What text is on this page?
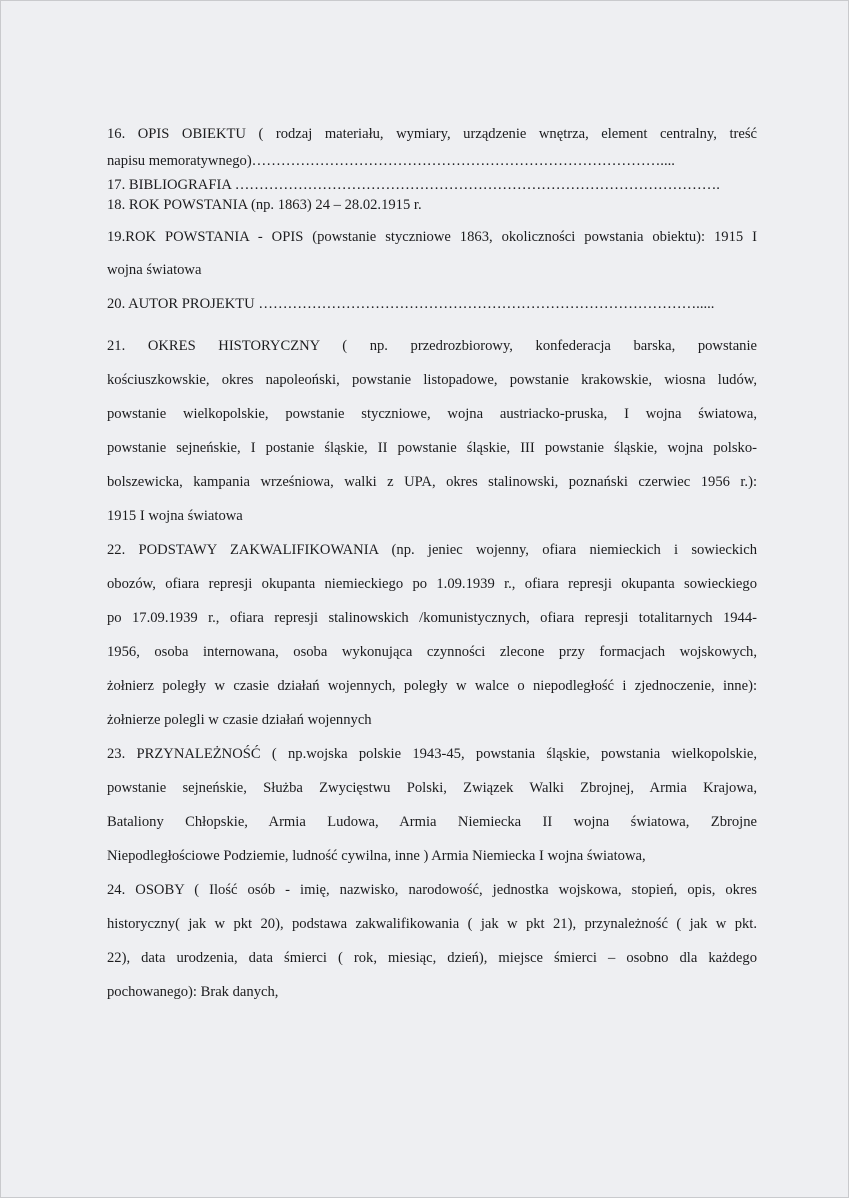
16. OPIS OBIEKTU ( rodzaj materiału, wymiary, urządzenie wnętrza, element centralny, treść
napisu memoratywnego)…………………………………………………………………………....
17. BIBLIOGRAFIA ……………………………………………………………………………………….
18. ROK POWSTANIA (np. 1863) 24 – 28.02.1915 r.
19.ROK POWSTANIA - OPIS (powstanie styczniowe 1863, okoliczności powstania obiektu): 1915 I
wojna światowa
20. AUTOR PROJEKTU ……………………………………………………………………………….....
21. OKRES HISTORYCZNY ( np. przedrozbiorowy, konfederacja barska, powstanie
kościuszkowskie, okres napoleoński, powstanie listopadowe, powstanie krakowskie, wiosna ludów,
powstanie wielkopolskie, powstanie styczniowe, wojna austriacko-pruska, I wojna światowa,
powstanie sejneńskie, I postanie śląskie, II powstanie śląskie, III powstanie śląskie, wojna polsko-
bolszewicka, kampania wrześniowa, walki z UPA, okres stalinowski, poznański czerwiec 1956 r.):
1915 I wojna światowa
22. PODSTAWY ZAKWALIFIKOWANIA (np. jeniec wojenny, ofiara niemieckich i sowieckich
obozów, ofiara represji okupanta niemieckiego po 1.09.1939 r., ofiara represji okupanta sowieckiego
po 17.09.1939 r., ofiara represji stalinowskich /komunistycznych, ofiara represji totalitarnych 1944-
1956, osoba internowana, osoba wykonująca czynności zlecone przy formacjach wojskowych,
żołnierz poległy w czasie działań wojennych, poległy w walce o niepodległość i zjednoczenie, inne):
żołnierze polegli w czasie działań wojennych
23. PRZYNALEŻNOŚĆ ( np.wojska polskie 1943-45, powstania śląskie, powstania wielkopolskie,
powstanie sejneńskie, Służba Zwycięstwu Polski, Związek Walki Zbrojnej, Armia Krajowa,
Bataliony Chłopskie, Armia Ludowa, Armia Niemiecka II wojna światowa, Zbrojne
Niepodległościowe Podziemie, ludność cywilna, inne ) Armia Niemiecka I wojna światowa,
24. OSOBY ( Ilość osób - imię, nazwisko, narodowość, jednostka wojskowa, stopień, opis, okres
historyczny( jak w pkt 20), podstawa zakwalifikowania ( jak w pkt 21), przynależność ( jak w pkt.
22), data urodzenia, data śmierci ( rok, miesiąc, dzień), miejsce śmierci – osobno dla każdego
pochowanego): Brak danych,
